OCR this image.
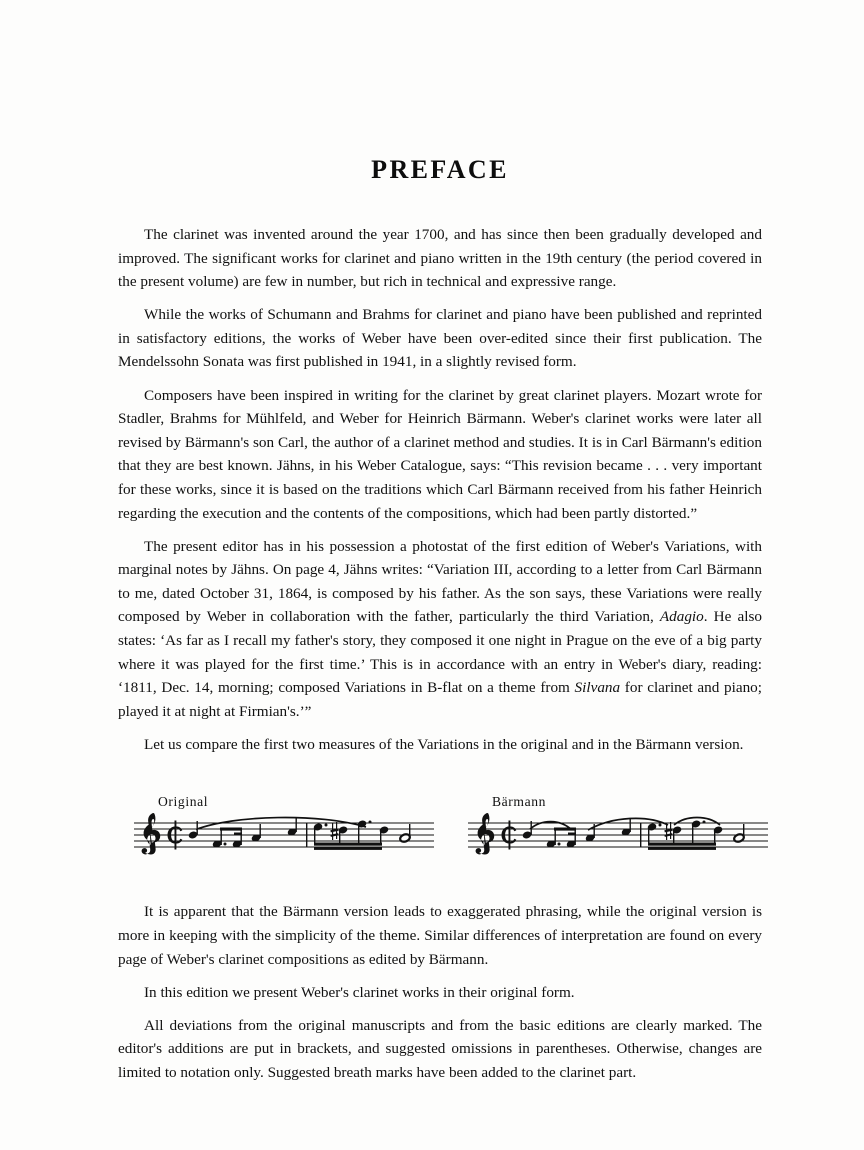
PREFACE

The clarinet was invented around the year 1700, and has since then been gradually developed and improved. The significant works for clarinet and piano written in the 19th century (the period covered in the present volume) are few in number, but rich in technical and expressive range.

While the works of Schumann and Brahms for clarinet and piano have been published and reprinted in satisfactory editions, the works of Weber have been over-edited since their first publication. The Mendelssohn Sonata was first published in 1941, in a slightly revised form.

Composers have been inspired in writing for the clarinet by great clarinet players. Mozart wrote for Stadler, Brahms for Mühlfeld, and Weber for Heinrich Bärmann. Weber's clarinet works were later all revised by Bärmann's son Carl, the author of a clarinet method and studies. It is in Carl Bärmann's edition that they are best known. Jähns, in his Weber Catalogue, says: “This revision became . . . very important for these works, since it is based on the traditions which Carl Bärmann received from his father Heinrich regarding the execution and the contents of the compositions, which had been partly distorted.”

The present editor has in his possession a photostat of the first edition of Weber's Variations, with marginal notes by Jähns. On page 4, Jähns writes: “Variation III, according to a letter from Carl Bärmann to me, dated October 31, 1864, is composed by his father. As the son says, these Variations were really composed by Weber in collaboration with the father, particularly the third Variation, Adagio. He also states: ‘As far as I recall my father's story, they composed it one night in Prague on the eve of a big party where it was played for the first time.’ This is in accordance with an entry in Weber's diary, reading: ‘1811, Dec. 14, morning; composed Variations in B-flat on a theme from Silvana for clarinet and piano; played it at night at Firmian's.’”

Let us compare the first two measures of the Variations in the original and in the Bärmann version.

Original	Bärmann

It is apparent that the Bärmann version leads to exaggerated phrasing, while the original version is more in keeping with the simplicity of the theme. Similar differences of interpretation are found on every page of Weber's clarinet compositions as edited by Bärmann.

In this edition we present Weber's clarinet works in their original form.

All deviations from the original manuscripts and from the basic editions are clearly marked. The editor's additions are put in brackets, and suggested omissions in parentheses. Otherwise, changes are limited to notation only. Suggested breath marks have been added to the clarinet part.
